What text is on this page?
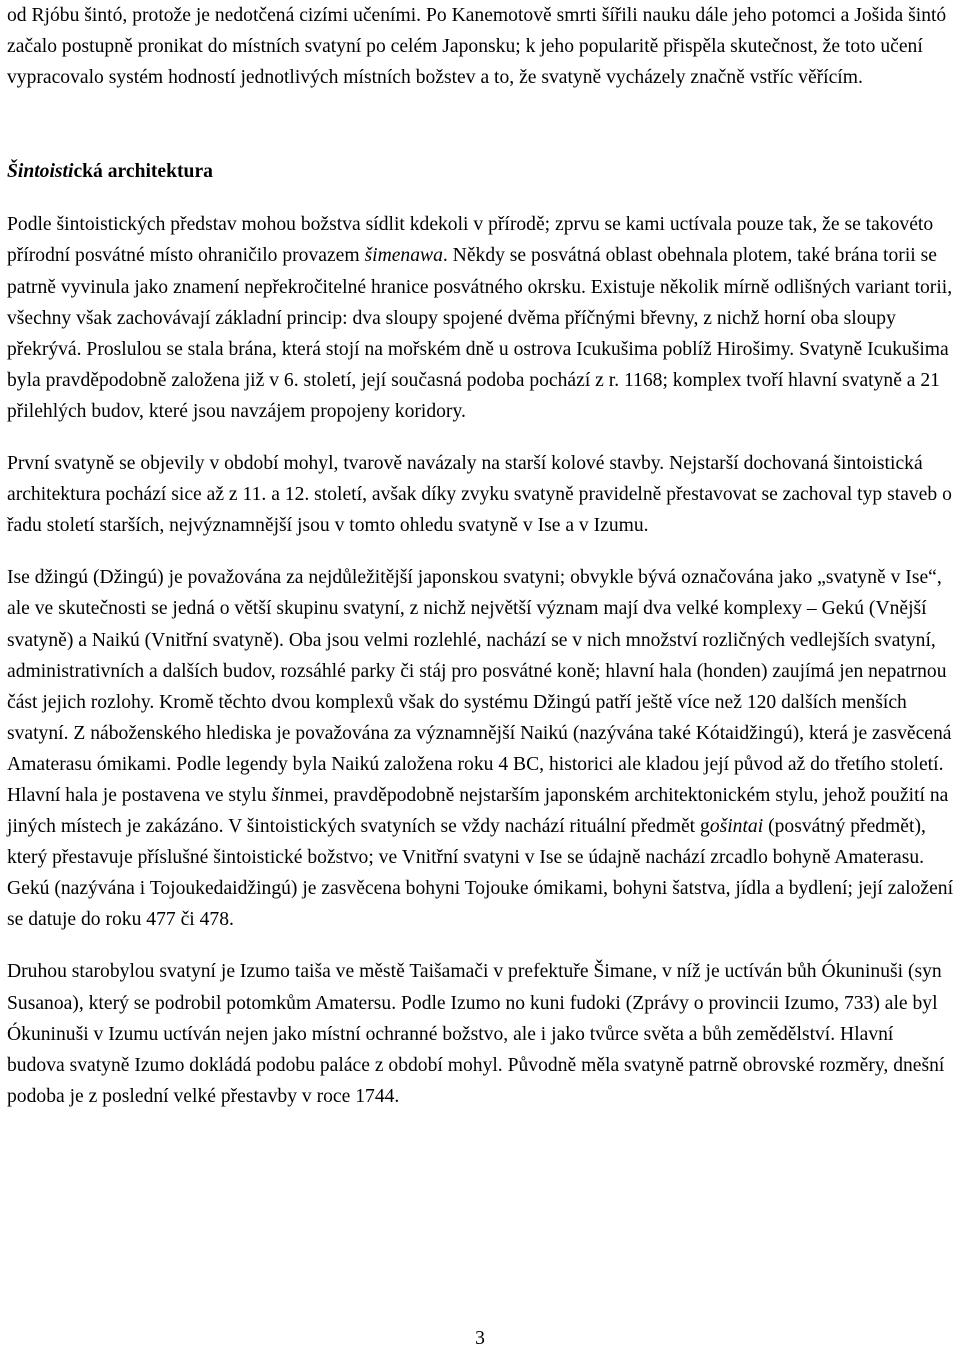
od Rjóbu šintó, protože je nedotčená cizími učeními. Po Kanemotově smrti šířili nauku dále jeho potomci a Jošida šintó začalo postupně pronikat do místních svatyní po celém Japonsku; k jeho popularitě přispěla skutečnost, že toto učení vypracovalo systém hodností jednotlivých místních božstev a to, že svatyně vycházely značně vstříc věřícím.

Šintoistická architektura

Podle šintoistických představ mohou božstva sídlit kdekoli v přírodě; zprvu se kami uctívala pouze tak, že se takovéto přírodní posvátné místo ohraničilo provazem šimenawa. Někdy se posvátná oblast obehnala plotem, také brána torii se patrně vyvinula jako znamení nepřekročitelné hranice posvátného okrsku. Existuje několik mírně odlišných variant torii, všechny však zachovávají základní princip: dva sloupy spojené dvěma příčnými břevny, z nichž horní oba sloupy překrývá. Proslulou se stala brána, která stojí na mořském dně u ostrova Icukušima poblíž Hirošimy. Svatyně Icukušima byla pravděpodobně založena již v 6. století, její současná podoba pochází z r. 1168; komplex tvoří hlavní svatyně a 21 přilehlých budov, které jsou navzájem propojeny koridory.

První svatyně se objevily v období mohyl, tvarově navázaly na starší kolové stavby. Nejstarší dochovaná šintoistická architektura pochází sice až z 11. a 12. století, avšak díky zvyku svatyně pravidelně přestavovat se zachoval typ staveb o řadu století starších, nejvýznamnější jsou v tomto ohledu svatyně v Ise a v Izumu.

Ise džingú (Džingú) je považována za nejdůležitější japonskou svatyni; obvykle bývá označována jako „svatyně v Ise“, ale ve skutečnosti se jedná o větší skupinu svatyní, z nichž největší význam mají dva velké komplexy – Gekú (Vnější svatyně) a Naikú (Vnitřní svatyně). Oba jsou velmi rozlehlé, nachází se v nich množství rozličných vedlejších svatyní, administrativních a dalších budov, rozsáhlé parky či stáj pro posvátné koně; hlavní hala (honden) zaujímá jen nepatrnou část jejich rozlohy. Kromě těchto dvou komplexů však do systému Džingú patří ještě více než 120 dalších menších svatyní. Z náboženského hlediska je považována za významnější Naikú (nazývána také Kótaidžingú), která je zasvěcená Amaterasu ómikami. Podle legendy byla Naikú založena roku 4 BC, historici ale kladou její původ až do třetího století. Hlavní hala je postavena ve stylu šinmei, pravděpodobně nejstarším japonském architektonickém stylu, jehož použití na jiných místech je zakázáno. V šintoistických svatyních se vždy nachází rituální předmět gošintai (posvátný předmět), který přestavuje příslušné šintoistické božstvo; ve Vnitřní svatyni v Ise se údajně nachází zrcadlo bohyně Amaterasu. Gekú (nazývána i Tojoukedaidžingú) je zasvěcena bohyni Tojouke ómikami, bohyni šatstva, jídla a bydlení; její založení se datuje do roku 477 či 478.

Druhou starobylou svatyní je Izumo taiša ve městě Taišamači v prefektuře Šimane, v níž je uctíván bůh Ókuninuši (syn Susanoa), který se podrobil potomkům Amatersu. Podle Izumo no kuni fudoki (Zprávy o provincii Izumo, 733) ale byl Ókuninuši v Izumu uctíván nejen jako místní ochranné božstvo, ale i jako tvůrce světa a bůh zemědělství. Hlavní budova svatyně Izumo dokládá podobu paláce z období mohyl. Původně měla svatyně patrně obrovské rozměry, dnešní podoba je z poslední velké přestavby v roce 1744.

3
